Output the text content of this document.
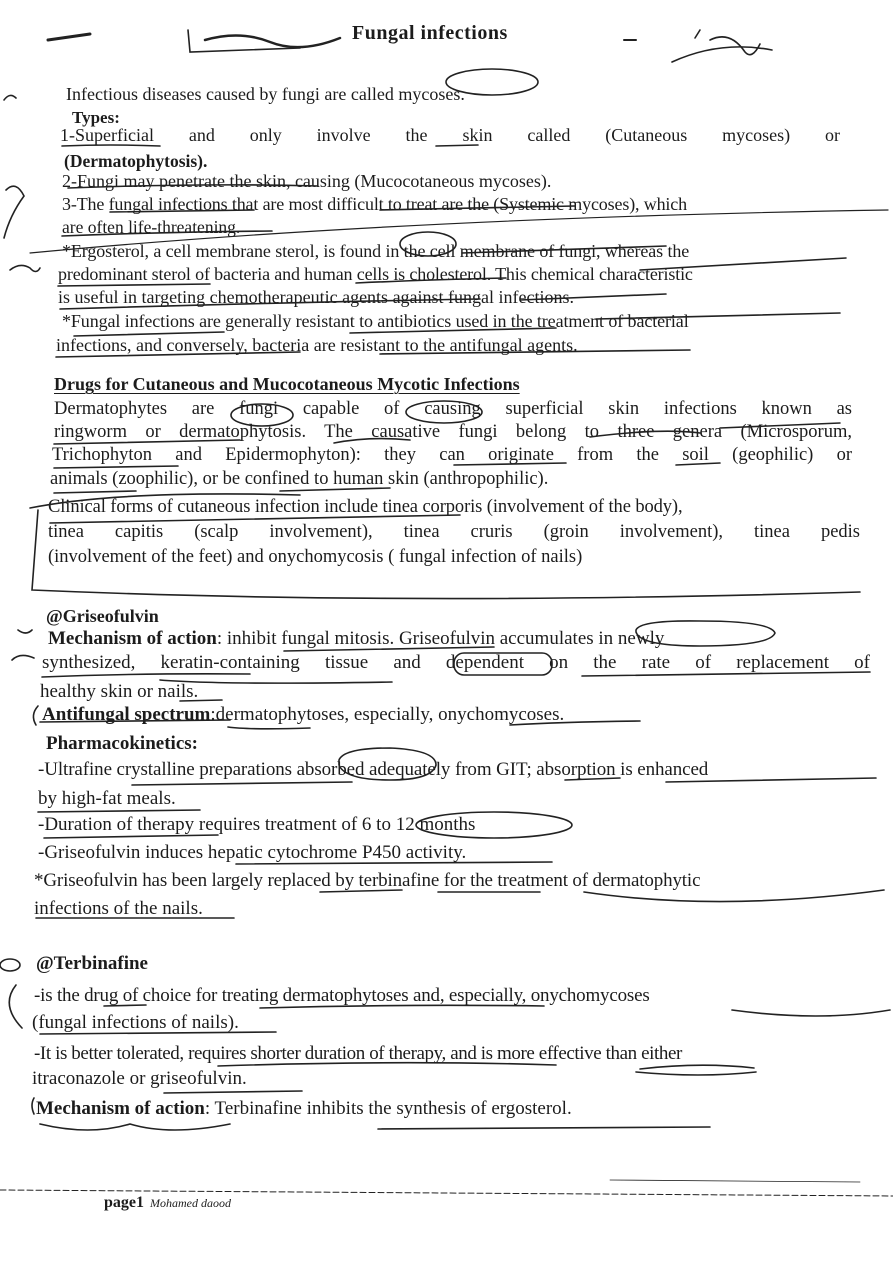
Fungal infections
Infectious diseases caused by fungi are called mycoses.
Types:
1-Superficial and only involve the skin called (Cutaneous mycoses) or
(Dermatophytosis).
2-Fungi may penetrate the skin, causing (Mucocotaneous mycoses).
3-The fungal infections that are most difficult to treat are the (Systemic mycoses), which
are often life-threatening.
*Ergosterol, a cell membrane sterol, is found in the cell membrane of fungi, whereas the
predominant sterol of bacteria and human cells is cholesterol. This chemical characteristic
is useful in targeting chemotherapeutic agents against fungal infections.
*Fungal infections are generally resistant to antibiotics used in the treatment of bacterial
infections, and conversely, bacteria are resistant to the antifungal agents.
Drugs for Cutaneous and Mucocotaneous Mycotic Infections
Dermatophytes are fungi capable of causing superficial skin infections known as
ringworm or dermatophytosis. The causative fungi belong to three genera (Microsporum,
Trichophyton and Epidermophyton): they can originate from the soil (geophilic) or
animals (zoophilic), or be confined to human skin (anthropophilic).
Clinical forms of cutaneous infection include tinea corporis (involvement of the body),
tinea capitis (scalp involvement), tinea cruris (groin involvement), tinea pedis
(involvement of the feet) and onychomycosis ( fungal infection of nails)
@Griseofulvin
Mechanism of action: inhibit fungal mitosis. Griseofulvin accumulates in newly
synthesized, keratin-containing tissue and dependent on the rate of replacement of
healthy skin or nails.
Antifungal spectrum:dermatophytoses, especially, onychomycoses.
Pharmacokinetics:
-Ultrafine crystalline preparations absorbed adequately from GIT; absorption is enhanced
by high-fat meals.
-Duration of therapy requires treatment of 6 to 12 months
-Griseofulvin induces hepatic cytochrome P450 activity.
*Griseofulvin has been largely replaced by terbinafine for the treatment of dermatophytic
infections of the nails.
@Terbinafine
-is the drug of choice for treating dermatophytoses and, especially, onychomycoses
(fungal infections of nails).
-It is better tolerated, requires shorter duration of therapy, and is more effective than either
itraconazole or griseofulvin.
Mechanism of action: Terbinafine inhibits the synthesis of ergosterol.
page1 Mohamed daood
